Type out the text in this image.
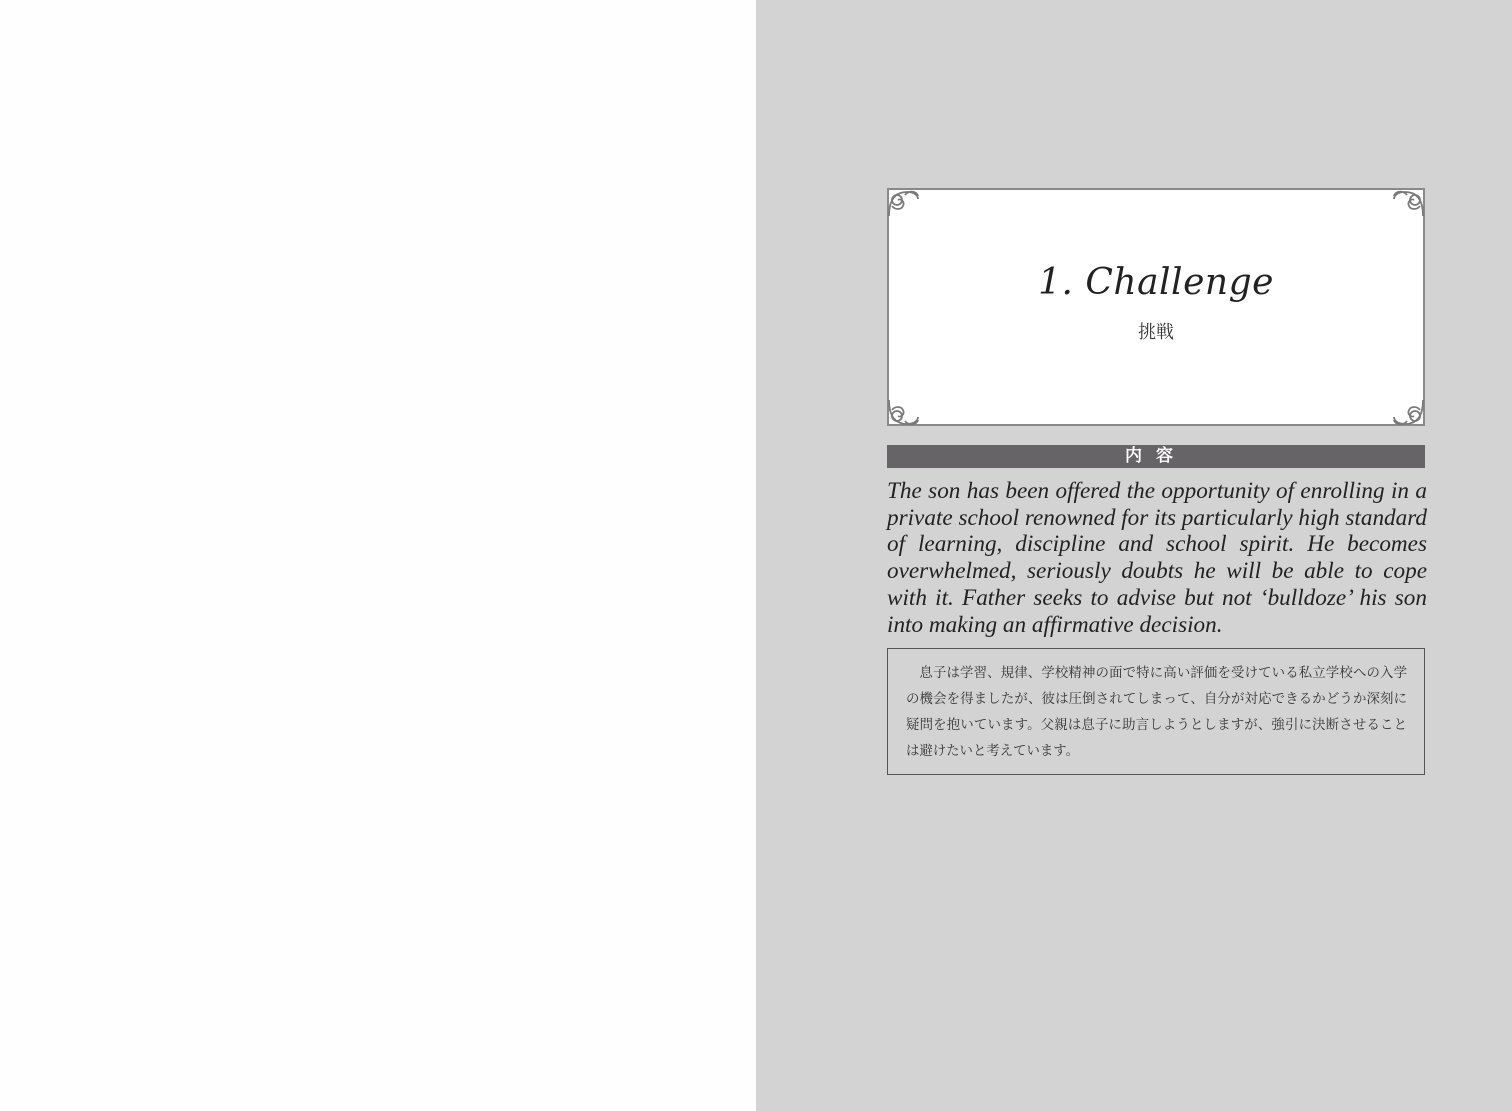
1. Challenge
挑戦
内容

The son has been offered the opportunity of enrolling in a private school renowned for its particularly high standard of learning, discipline and school spirit. He becomes overwhelmed, seriously doubts he will be able to cope with it. Father seeks to advise but not ‘bulldoze’ his son into making an affirmative decision.

息子は学習、規律、学校精神の面で特に高い評価を受けている私立学校への入学の機会を得ましたが、彼は圧倒されてしまって、自分が対応できるかどうか深刻に疑問を抱いています。父親は息子に助言しようとしますが、強引に決断させることは避けたいと考えています。
